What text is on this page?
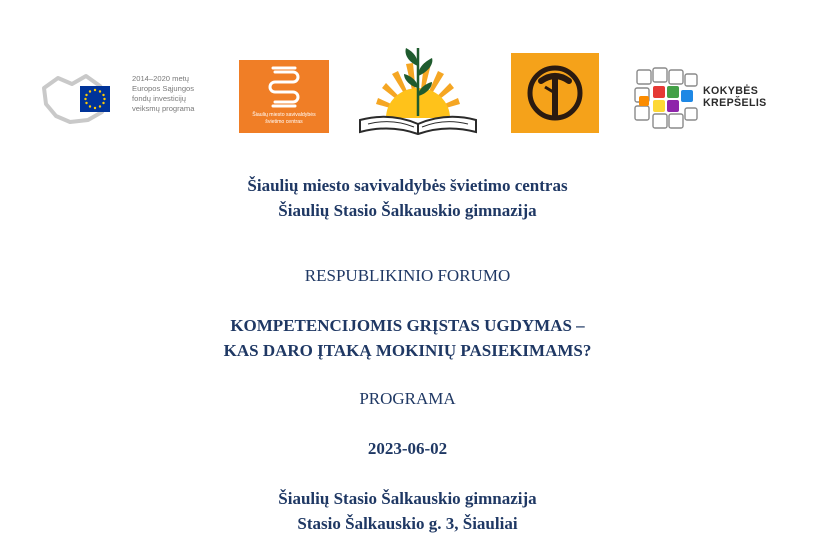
2014–2020 metų
Europos Sąjungos
fondų investicijų
veiksmų programa
Šiaulių miesto savivaldybės
švietimo centras
KOKYBĖS
KREPŠELIS
Šiaulių miesto savivaldybės švietimo centras
Šiaulių Stasio Šalkauskio gimnazija
RESPUBLIKINIO FORUMO
KOMPETENCIJOMIS GRĮSTAS UGDYMAS –
KAS DARO ĮTAKĄ MOKINIŲ PASIEKIMAMS?
PROGRAMA
2023-06-02
Šiaulių Stasio Šalkauskio gimnazija
Stasio Šalkauskio g. 3, Šiauliai
